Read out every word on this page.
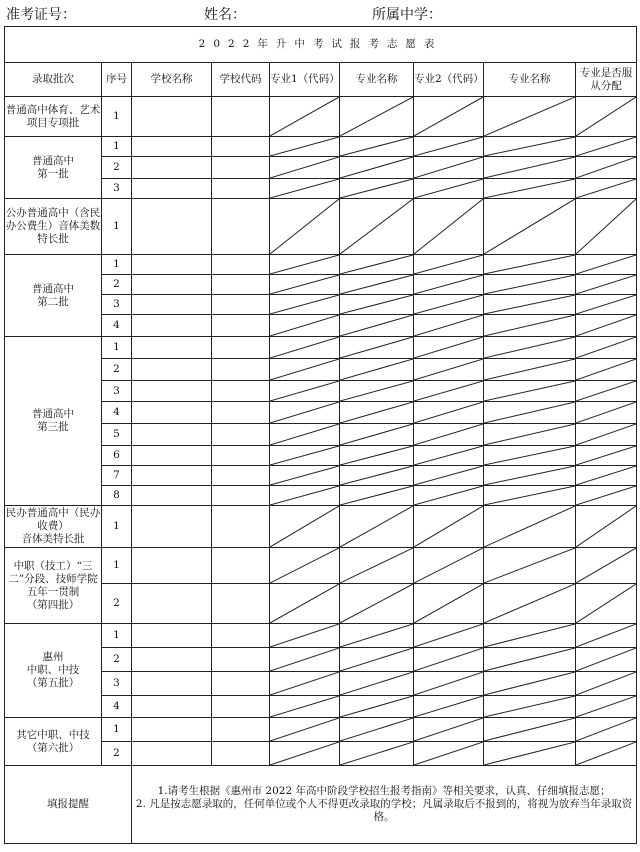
准考证号：	姓名：	所属中学：
2022年升中考试报考志愿表								
录取批次	序号	学校名称	学校代码	专业1（代码）	专业名称	专业2（代码）	专业名称	专业是否服从分配
普通高中体育、艺术项目专项批	1			

普通高中
第一批	1			

	2			

	3			

公办普通高中（含民办公费生）音体美数特长批	1			

普通高中
第二批	1			

	2			

	3			

	4			

普通高中
第三批	1			

	2			

	3			

	4			

	5			

	6			

	7			

	8			

民办普通高中（民办收费）
音体美特长批	1			

中职（技工）“三二”分段、技师学院五年一贯制
（第四批）	1			

	2			

惠州
中职、中技
（第五批）	1			

	2			

	3			

	4			

其它中职、中技
（第六批）	1			

	2			

填报提醒		1.请考生根据《惠州市 2022 年高中阶段学校招生报考指南》等相关要求，认真、仔细填报志愿；
2. 凡是按志愿录取的，任何单位或个人不得更改录取的学校；凡属录取后不报到的，将视为放弃当年录取资格。						
